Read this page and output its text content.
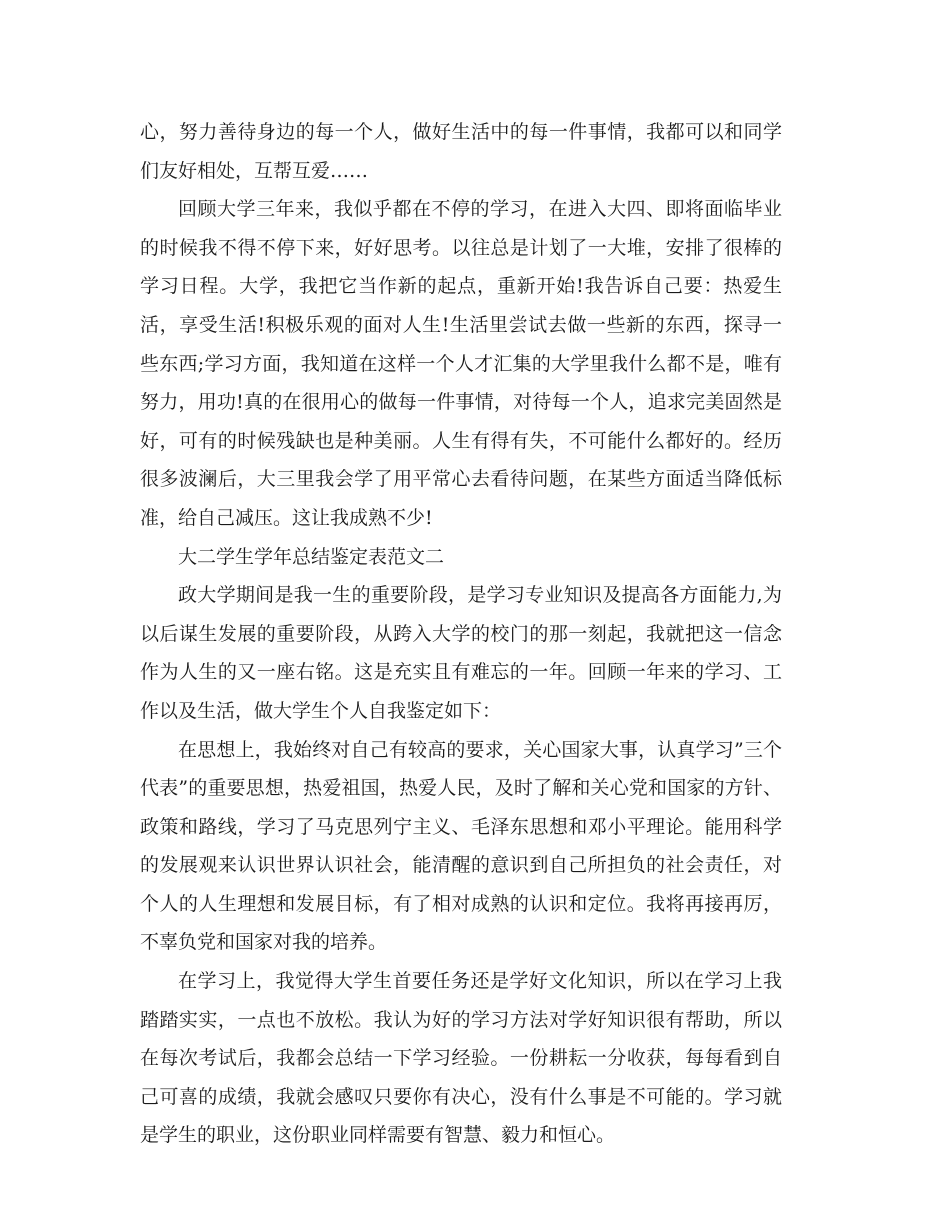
心，努力善待身边的每一个人，做好生活中的每一件事情，我都可以和同学们友好相处，互帮互爱……

回顾大学三年来，我似乎都在不停的学习，在进入大四、即将面临毕业的时候我不得不停下来，好好思考。以往总是计划了一大堆，安排了很棒的学习日程。大学，我把它当作新的起点，重新开始!我告诉自己要：热爱生活，享受生活!积极乐观的面对人生!生活里尝试去做一些新的东西，探寻一些东西;学习方面，我知道在这样一个人才汇集的大学里我什么都不是，唯有努力，用功!真的在很用心的做每一件事情，对待每一个人，追求完美固然是好，可有的时候残缺也是种美丽。人生有得有失，不可能什么都好的。经历很多波澜后，大三里我会学了用平常心去看待问题，在某些方面适当降低标准，给自己减压。这让我成熟不少!

大二学生学年总结鉴定表范文二

政大学期间是我一生的重要阶段，是学习专业知识及提高各方面能力,为以后谋生发展的重要阶段，从跨入大学的校门的那一刻起，我就把这一信念作为人生的又一座右铭。这是充实且有难忘的一年。回顾一年来的学习、工作以及生活，做大学生个人自我鉴定如下：

在思想上，我始终对自己有较高的要求，关心国家大事，认真学习”三个代表”的重要思想，热爱祖国，热爱人民，及时了解和关心党和国家的方针、政策和路线，学习了马克思列宁主义、毛泽东思想和邓小平理论。能用科学的发展观来认识世界认识社会，能清醒的意识到自己所担负的社会责任，对个人的人生理想和发展目标，有了相对成熟的认识和定位。我将再接再厉，不辜负党和国家对我的培养。

在学习上，我觉得大学生首要任务还是学好文化知识，所以在学习上我踏踏实实，一点也不放松。我认为好的学习方法对学好知识很有帮助，所以在每次考试后，我都会总结一下学习经验。一份耕耘一分收获，每每看到自己可喜的成绩，我就会感叹只要你有决心，没有什么事是不可能的。学习就是学生的职业，这份职业同样需要有智慧、毅力和恒心。
